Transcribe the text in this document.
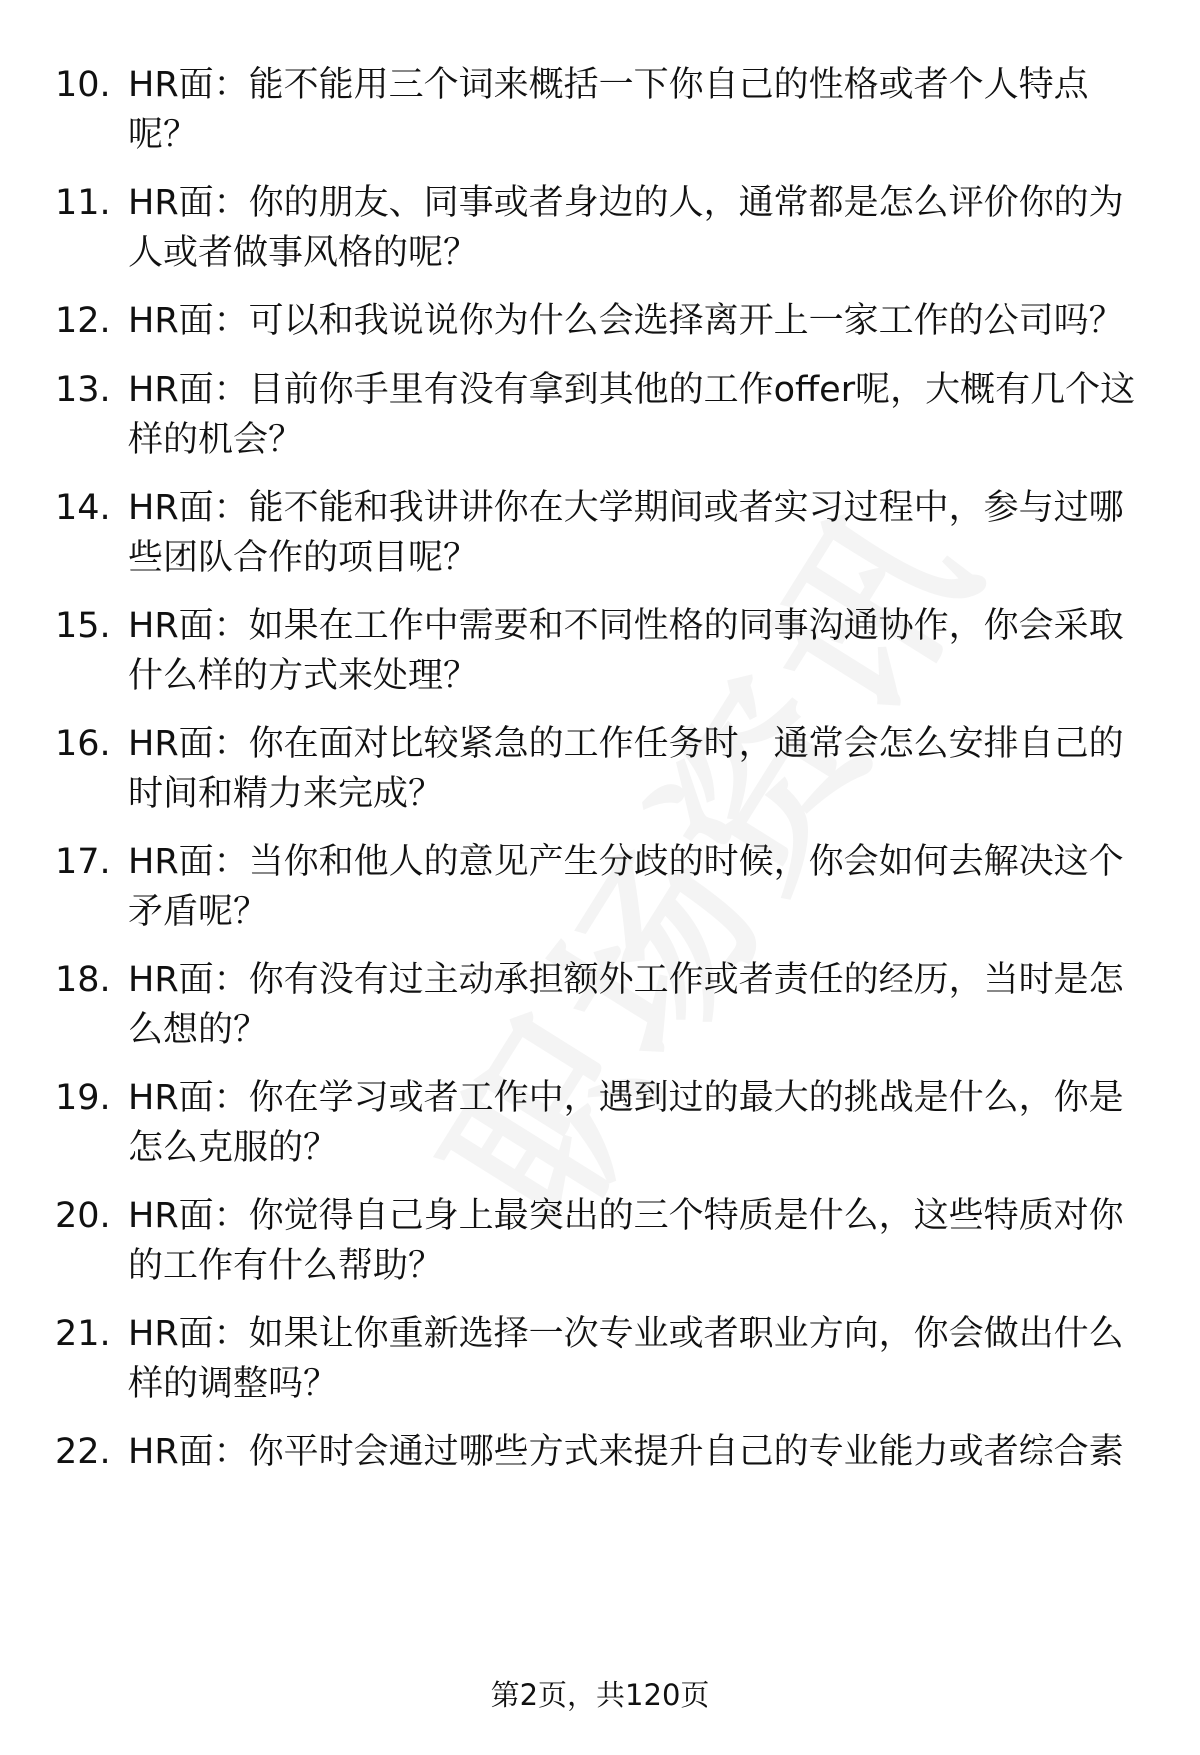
10. HR面：能不能用三个词来概括一下你自己的性格或者个人特点呢？
11. HR面：你的朋友、同事或者身边的人，通常都是怎么评价你的为人或者做事风格的呢？
12. HR面：可以和我说说你为什么会选择离开上一家工作的公司吗？
13. HR面：目前你手里有没有拿到其他的工作offer呢，大概有几个这样的机会？
14. HR面：能不能和我讲讲你在大学期间或者实习过程中，参与过哪些团队合作的项目呢？
15. HR面：如果在工作中需要和不同性格的同事沟通协作，你会采取什么样的方式来处理？
16. HR面：你在面对比较紧急的工作任务时，通常会怎么安排自己的时间和精力来完成？
17. HR面：当你和他人的意见产生分歧的时候，你会如何去解决这个矛盾呢？
18. HR面：你有没有过主动承担额外工作或者责任的经历，当时是怎么想的？
19. HR面：你在学习或者工作中，遇到过的最大的挑战是什么，你是怎么克服的？
20. HR面：你觉得自己身上最突出的三个特质是什么，这些特质对你的工作有什么帮助？
21. HR面：如果让你重新选择一次专业或者职业方向，你会做出什么样的调整吗？
22. HR面：你平时会通过哪些方式来提升自己的专业能力或者综合素
第2页，共120页
